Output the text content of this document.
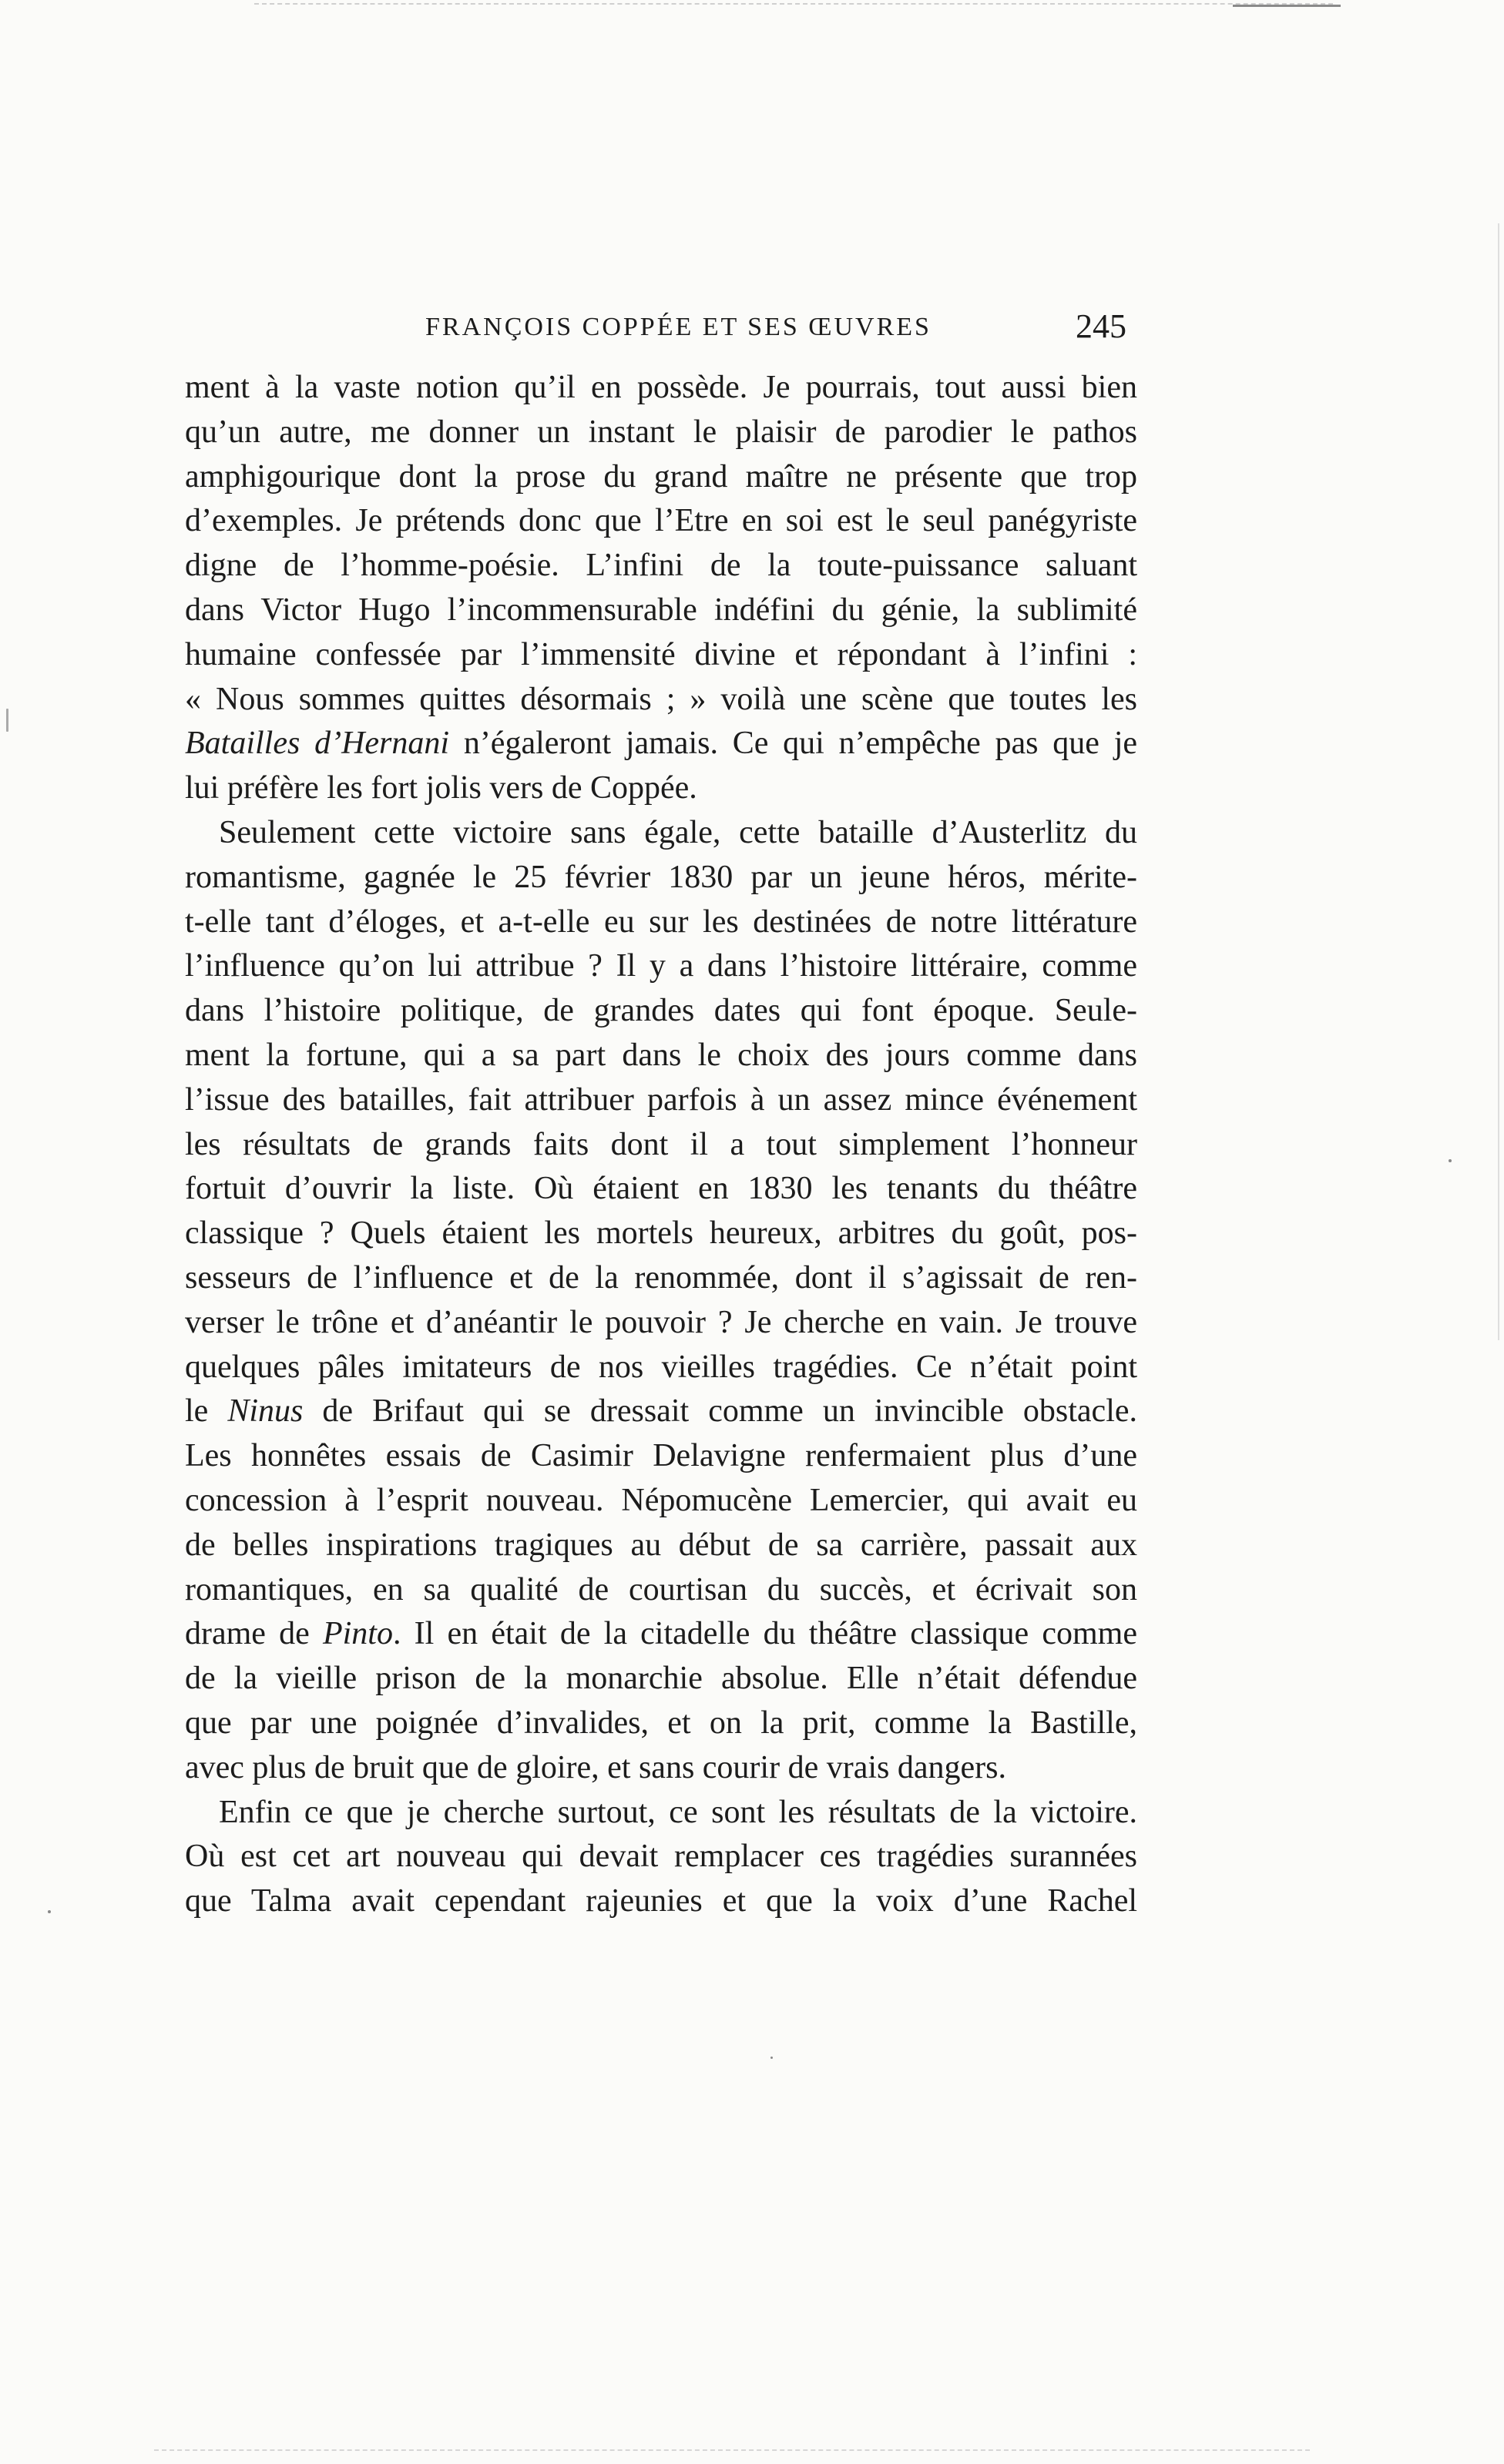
FRANÇOIS COPPÉE ET SES ŒUVRES	245

ment à la vaste notion qu’il en possède. Je pourrais, tout aussi bien
qu’un autre, me donner un instant le plaisir de parodier le pathos
amphigourique dont la prose du grand maître ne présente que trop
d’exemples. Je prétends donc que l’Etre en soi est le seul panégyriste
digne de l’homme-poésie. L’infini de la toute-puissance saluant
dans Victor Hugo l’incommensurable indéfini du génie, la sublimité
humaine confessée par l’immensité divine et répondant à l’infini :
« Nous sommes quittes désormais ; » voilà une scène que toutes les
Batailles d’Hernani n’égaleront jamais. Ce qui n’empêche pas que je
lui préfère les fort jolis vers de Coppée.

Seulement cette victoire sans égale, cette bataille d’Austerlitz du
romantisme, gagnée le 25 février 1830 par un jeune héros, mérite-
t-elle tant d’éloges, et a-t-elle eu sur les destinées de notre littérature
l’influence qu’on lui attribue ? Il y a dans l’histoire littéraire, comme
dans l’histoire politique, de grandes dates qui font époque. Seule-
ment la fortune, qui a sa part dans le choix des jours comme dans
l’issue des batailles, fait attribuer parfois à un assez mince événement
les résultats de grands faits dont il a tout simplement l’honneur
fortuit d’ouvrir la liste. Où étaient en 1830 les tenants du théâtre
classique ? Quels étaient les mortels heureux, arbitres du goût, pos-
sesseurs de l’influence et de la renommée, dont il s’agissait de ren-
verser le trône et d’anéantir le pouvoir ? Je cherche en vain. Je trouve
quelques pâles imitateurs de nos vieilles tragédies. Ce n’était point
le Ninus de Brifaut qui se dressait comme un invincible obstacle.
Les honnêtes essais de Casimir Delavigne renfermaient plus d’une
concession à l’esprit nouveau. Népomucène Lemercier, qui avait eu
de belles inspirations tragiques au début de sa carrière, passait aux
romantiques, en sa qualité de courtisan du succès, et écrivait son
drame de Pinto. Il en était de la citadelle du théâtre classique comme
de la vieille prison de la monarchie absolue. Elle n’était défendue
que par une poignée d’invalides, et on la prit, comme la Bastille,
avec plus de bruit que de gloire, et sans courir de vrais dangers.

Enfin ce que je cherche surtout, ce sont les résultats de la victoire.
Où est cet art nouveau qui devait remplacer ces tragédies surannées
que Talma avait cependant rajeunies et que la voix d’une Rachel
